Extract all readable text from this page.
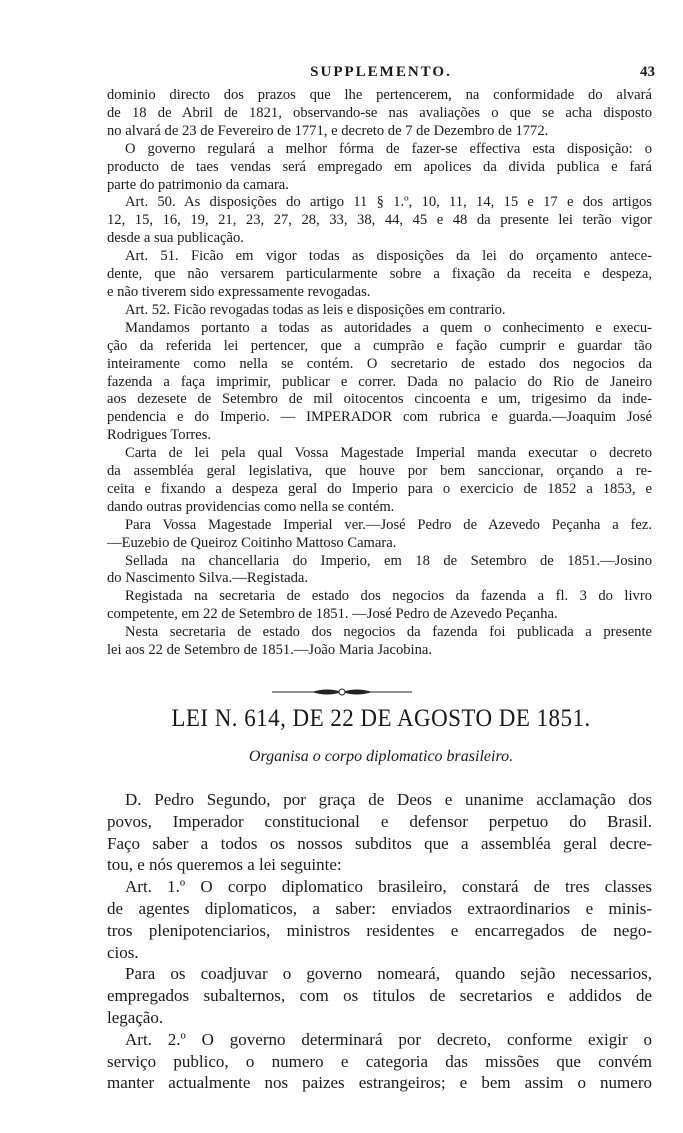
SUPPLEMENTO.	43
dominio directo dos prazos que lhe pertencerem, na conformidade do alvará
de 18 de Abril de 1821, observando-se nas avaliações o que se acha disposto
no alvará de 23 de Fevereiro de 1771, e decreto de 7 de Dezembro de 1772.
O governo regulará a melhor fórma de fazer-se effectiva esta disposição: o
producto de taes vendas será empregado em apolices da divida publica e fará
parte do patrimonio da camara.
Art. 50. As disposições do artigo 11 § 1.º, 10, 11, 14, 15 e 17 e dos artigos
12, 15, 16, 19, 21, 23, 27, 28, 33, 38, 44, 45 e 48 da presente lei terão vigor
desde a sua publicação.
Art. 51. Ficão em vigor todas as disposições da lei do orçamento antece-
dente, que não versarem particularmente sobre a fixação da receita e despeza,
e não tiverem sido expressamente revogadas.
Art. 52. Ficão revogadas todas as leis e disposições em contrario.
Mandamos portanto a todas as autoridades a quem o conhecimento e execu-
ção da referida lei pertencer, que a cumprão e fação cumprir e guardar tão
inteiramente como nella se contém. O secretario de estado dos negocios da
fazenda a faça imprimir, publicar e correr. Dada no palacio do Rio de Janeiro
aos dezesete de Setembro de mil oitocentos cincoenta e um, trigesimo da inde-
pendencia e do Imperio. — IMPERADOR com rubrica e guarda.—Joaquim José
Rodrigues Torres.
Carta de lei pela qual Vossa Magestade Imperial manda executar o decreto
da assembléa geral legislativa, que houve por bem sanccionar, orçando a re-
ceita e fixando a despeza geral do Imperio para o exercicio de 1852 a 1853, e
dando outras providencias como nella se contém.
Para Vossa Magestade Imperial ver.—José Pedro de Azevedo Peçanha a fez.
—Euzebio de Queiroz Coitinho Mattoso Camara.
Sellada na chancellaria do Imperio, em 18 de Setembro de 1851.—Josino
do Nascimento Silva.—Registada.
Registada na secretaria de estado dos negocios da fazenda a fl. 3 do livro
competente, em 22 de Setembro de 1851. —José Pedro de Azevedo Peçanha.
Nesta secretaria de estado dos negocios da fazenda foi publicada a presente
lei aos 22 de Setembro de 1851.—João Maria Jacobina.
LEI N. 614, DE 22 DE AGOSTO DE 1851.
Organisa o corpo diplomatico brasileiro.
D. Pedro Segundo, por graça de Deos e unanime acclamação dos
povos, Imperador constitucional e defensor perpetuo do Brasil.
Faço saber a todos os nossos subditos que a assembléa geral decre-
tou, e nós queremos a lei seguinte:
Art. 1.º O corpo diplomatico brasileiro, constará de tres classes
de agentes diplomaticos, a saber: enviados extraordinarios e minis-
tros plenipotenciarios, ministros residentes e encarregados de nego-
cios.
Para os coadjuvar o governo nomeará, quando sejão necessarios,
empregados subalternos, com os titulos de secretarios e addidos de
legação.
Art. 2.º O governo determinará por decreto, conforme exigir o
serviço publico, o numero e categoria das missões que convém
manter actualmente nos paizes estrangeiros; e bem assim o numero
